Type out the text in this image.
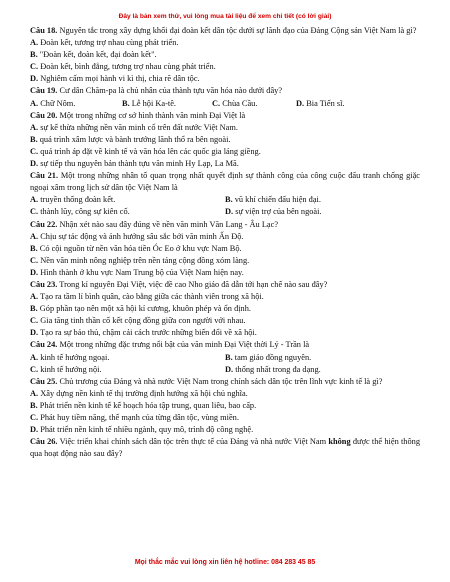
Đây là bản xem thử, vui lòng mua tài liệu để xem chi tiết (có lời giải)

Câu 18. Nguyên tắc trong xây dựng khối đại đoàn kết dân tộc dưới sự lãnh đạo của Đảng Cộng sản Việt Nam là gì?

A. Đoàn kết, tương trợ nhau cùng phát triển.

B. "Đoàn kết, đoàn kết, đại đoàn kết".

C. Đoàn kết, bình đẳng, tương trợ nhau cùng phát triển.

D. Nghiêm cấm mọi hành vi kì thị, chia rẽ dân tộc.

Câu 19. Cư dân Chăm-pa là chủ nhân của thành tựu văn hóa nào dưới đây?

A. Chữ Nôm.	B. Lễ hội Ka-tê.	C. Chùa Cầu.	D. Bia Tiến sĩ.

Câu 20. Một trong những cơ sở hình thành văn minh Đại Việt là

A. sự kế thừa những nền văn minh cổ trên đất nước Việt Nam.

B. quá trình xâm lược và bành trướng lãnh thổ ra bên ngoài.

C. quá trình áp đặt về kinh tế và văn hóa lên các quốc gia láng giềng.

D. sự tiếp thu nguyên bản thành tựu văn minh Hy Lạp, La Mã.

Câu 21. Một trong những nhân tố quan trọng nhất quyết định sự thành công của công cuộc đấu tranh chống giặc ngoại xâm trong lịch sử dân tộc Việt Nam là

A. truyền thống đoàn kết.	B. vũ khí chiến đấu hiện đại.

C. thành lũy, công sự kiên cố.	D. sự viện trợ của bên ngoài.

Câu 22. Nhận xét nào sau đây đúng về nền văn minh Văn Lang - Âu Lạc?

A. Chịu sự tác động và ảnh hưởng sâu sắc bởi văn minh Ấn Độ.

B. Có cội nguồn từ nền văn hóa tiền Óc Eo ở khu vực Nam Bộ.

C. Nền văn minh nông nghiệp trên nền tảng cộng đồng xóm làng.

D. Hình thành ở khu vực Nam Trung bộ của Việt Nam hiện nay.

Câu 23. Trong kỉ nguyên Đại Việt, việc đề cao Nho giáo đã dẫn tới hạn chế nào sau đây?

A. Tạo ra tầm lí bình quân, cào bằng giữa các thành viên trong xã hội.

B. Góp phần tạo nên một xã hội kỉ cương, khuôn phép và ổn định.

C. Gia tăng tinh thần cố kết cộng đồng giữa con người với nhau.

D. Tạo ra sự bảo thủ, chậm cải cách trước những biến đổi về xã hội.

Câu 24. Một trong những đặc trưng nổi bật của văn minh Đại Việt thời Lý - Trần là

A. kinh tế hướng ngoại.	B. tam giáo đồng nguyên.

C. kinh tế hướng nội.	D. thống nhất trong đa dạng.

Câu 25. Chủ trương của Đảng và nhà nước Việt Nam trong chính sách dân tộc trên lĩnh vực kinh tế là gì?

A. Xây dựng nền kinh tế thị trường định hướng xã hội chủ nghĩa.

B. Phát triển nền kinh tế kế hoạch hóa tập trung, quan liêu, bao cấp.

C. Phát huy tiềm năng, thế mạnh của từng dân tộc, vùng miền.

D. Phát triển nền kinh tế nhiều ngành, quy mô, trình độ công nghệ.

Câu 26. Việc triển khai chính sách dân tộc trên thực tế của Đảng và nhà nước Việt Nam không được thể hiện thông qua hoạt động nào sau đây?

Mọi thắc mắc vui lòng xin liên hệ hotline: 084 283 45 85
